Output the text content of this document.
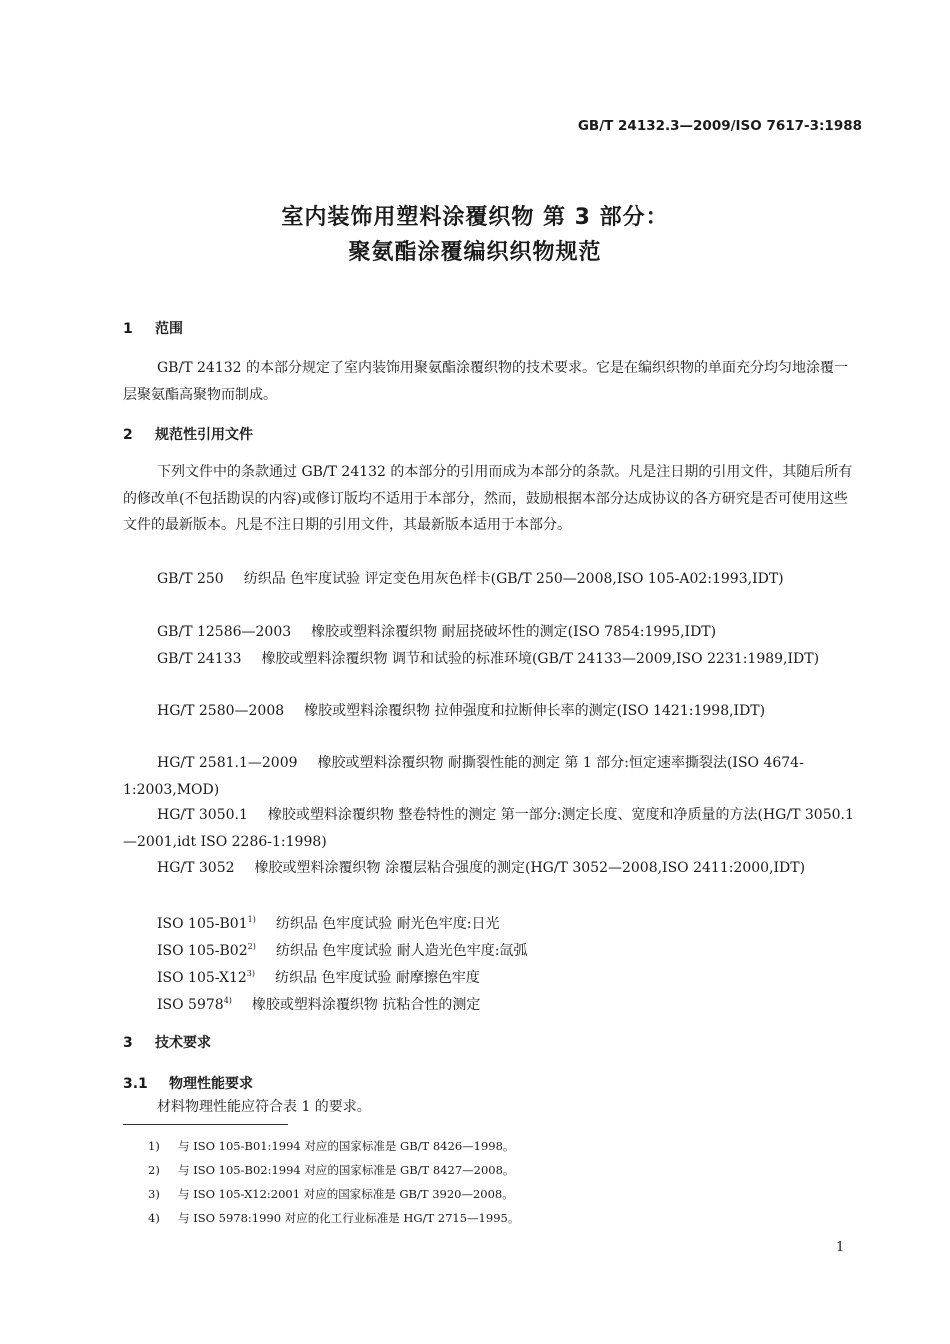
GB/T 24132.3—2009/ISO 7617-3:1988
室内装饰用塑料涂覆织物 第 3 部分：
聚氨酯涂覆编织织物规范
1 范围
GB/T 24132 的本部分规定了室内装饰用聚氨酯涂覆织物的技术要求。它是在编织织物的单面充分均匀地涂覆一层聚氨酯高聚物而制成。
2 规范性引用文件
下列文件中的条款通过 GB/T 24132 的本部分的引用而成为本部分的条款。凡是注日期的引用文件，其随后所有的修改单(不包括勘误的内容)或修订版均不适用于本部分，然而，鼓励根据本部分达成协议的各方研究是否可使用这些文件的最新版本。凡是不注日期的引用文件，其最新版本适用于本部分。
GB/T 250 纺织品 色牢度试验 评定变色用灰色样卡(GB/T 250—2008,ISO 105-A02:1993,IDT)
GB/T 12586—2003 橡胶或塑料涂覆织物 耐屈挠破坏性的测定(ISO 7854:1995,IDT)
GB/T 24133 橡胶或塑料涂覆织物 调节和试验的标准环境(GB/T 24133—2009,ISO 2231:1989,IDT)
HG/T 2580—2008 橡胶或塑料涂覆织物 拉伸强度和拉断伸长率的测定(ISO 1421:1998,IDT)
HG/T 2581.1—2009 橡胶或塑料涂覆织物 耐撕裂性能的测定 第 1 部分:恒定速率撕裂法(ISO 4674-1:2003,MOD)
HG/T 3050.1 橡胶或塑料涂覆织物 整卷特性的测定 第一部分:测定长度、宽度和净质量的方法(HG/T 3050.1—2001,idt ISO 2286-1:1998)
HG/T 3052 橡胶或塑料涂覆织物 涂覆层粘合强度的测定(HG/T 3052—2008,ISO 2411:2000,IDT)
ISO 105-B01$^{1)}$ 纺织品 色牢度试验 耐光色牢度:日光
ISO 105-B02$^{2)}$ 纺织品 色牢度试验 耐人造光色牢度:氙弧
ISO 105-X12$^{3)}$ 纺织品 色牢度试验 耐摩擦色牢度
ISO 5978$^{4)}$ 橡胶或塑料涂覆织物 抗粘合性的测定
3 技术要求
3.1 物理性能要求
材料物理性能应符合表 1 的要求。
1) 与 ISO 105-B01:1994 对应的国家标准是 GB/T 8426—1998。
2) 与 ISO 105-B02:1994 对应的国家标准是 GB/T 8427—2008。
3) 与 ISO 105-X12:2001 对应的国家标准是 GB/T 3920—2008。
4) 与 ISO 5978:1990 对应的化工行业标准是 HG/T 2715—1995。
1
